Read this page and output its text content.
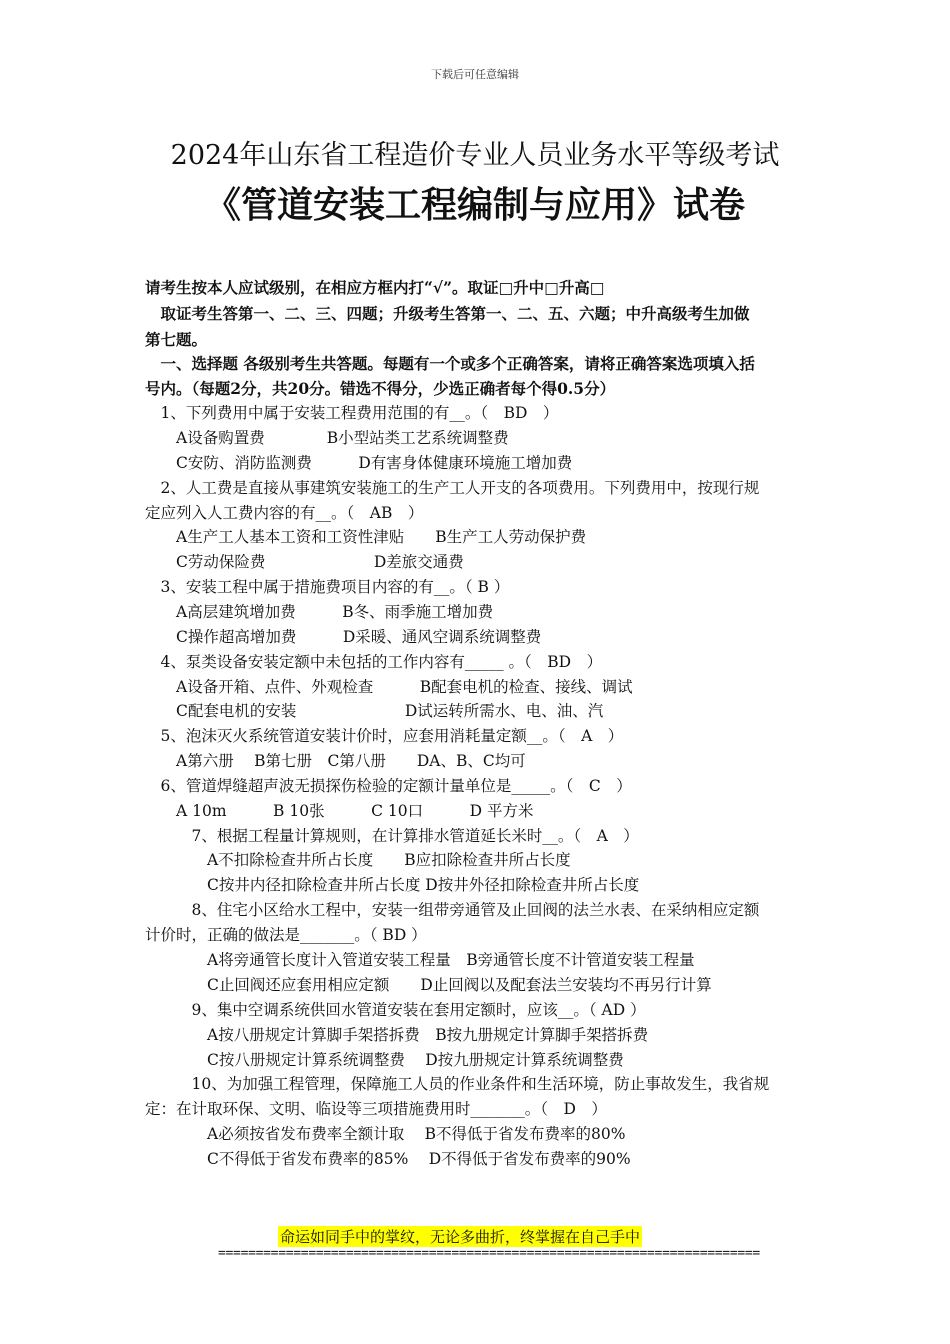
下载后可任意编辑
2024年山东省工程造价专业人员业务水平等级考试
《管道安装工程编制与应用》试卷
请考生按本人应试级别，在相应方框内打“√”。取证□升中□升高□
　取证考生答第一、二、三、四题；升级考生答第一、二、五、六题；中升高级考生加做
第七题。
　一、选择题 各级别考生共答题。每题有一个或多个正确答案，请将正确答案选项填入括
号内。（每题2分，共20分。错选不得分，少选正确者每个得0.5分）
　1、下列费用中属于安装工程费用范围的有__。（　BD　）
　　A设备购置费　　　　B小型站类工艺系统调整费
　　C安防、消防监测费　　　D有害身体健康环境施工增加费
　2、人工费是直接从事建筑安装施工的生产工人开支的各项费用。下列费用中，按现行规
定应列入人工费内容的有__。（　AB　）
　　A生产工人基本工资和工资性津贴　　B生产工人劳动保护费
　　C劳动保险费　　　　　　　D差旅交通费
　3、安装工程中属于措施费项目内容的有__。（ B ）
　　A高层建筑增加费　　　B冬、雨季施工增加费
　　C操作超高增加费　　　D采暖、通风空调系统调整费
　4、泵类设备安装定额中未包括的工作内容有_____ 。（　BD　）
　　A设备开箱、点件、外观检查　　　B配套电机的检查、接线、调试
　　C配套电机的安装　　　　　　　D试运转所需水、电、油、汽
　5、泡沫灭火系统管道安装计价时，应套用消耗量定额__。（　A　）
　　A第六册　 B第七册　C第八册　　DA、B、C均可
　6、管道焊缝超声波无损探伤检验的定额计量单位是_____。（　C　）
　　A 10m　　　B 10张　　　C 10口　　　D 平方米
　　　7、根据工程量计算规则，在计算排水管道延长米时__。（　A　）
　　　　A不扣除检查井所占长度　　B应扣除检查井所占长度
　　　　C按井内径扣除检查井所占长度 D按井外径扣除检查井所占长度
　　　8、住宅小区给水工程中，安装一组带旁通管及止回阀的法兰水表、在采纳相应定额
计价时，正确的做法是_______。（ BD ）
　　　　A将旁通管长度计入管道安装工程量　B旁通管长度不计管道安装工程量
　　　　C止回阀还应套用相应定额　　D止回阀以及配套法兰安装均不再另行计算
　　　9、集中空调系统供回水管道安装在套用定额时，应该__。（ AD ）
　　　　A按八册规定计算脚手架搭拆费　B按九册规定计算脚手架搭拆费
　　　　C按八册规定计算系统调整费　 D按九册规定计算系统调整费
　　　10、为加强工程管理，保障施工人员的作业条件和生活环境，防止事故发生，我省规
定：在计取环保、文明、临设等三项措施费用时_______。（　D　）
　　　　A必须按省发布费率全额计取　 B不得低于省发布费率的80%
　　　　C不得低于省发布费率的85%　 D不得低于省发布费率的90%
命运如同手中的掌纹，无论多曲折，终掌握在自己手中
========================================================================
